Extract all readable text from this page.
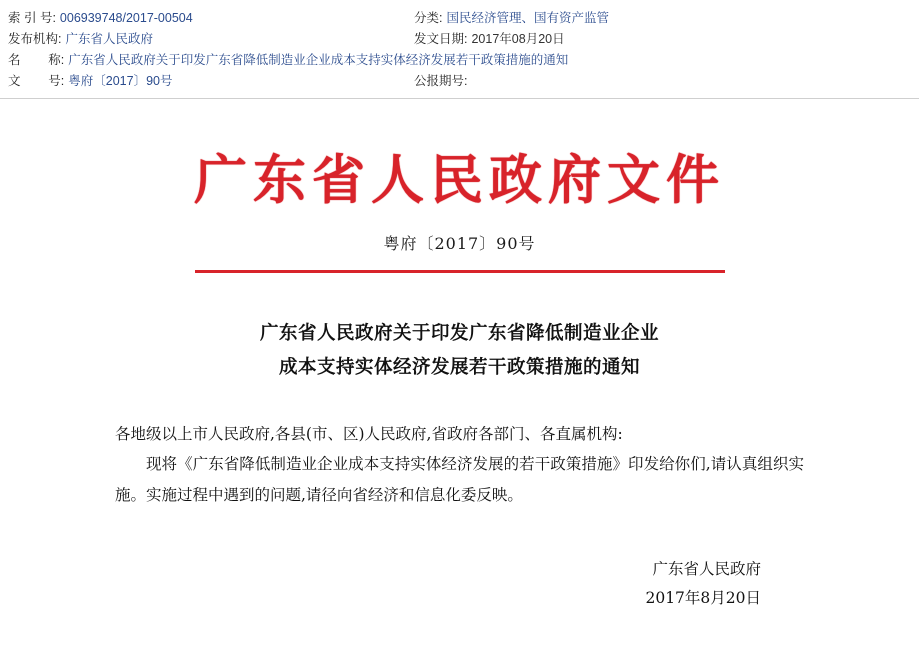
索 引 号: 006939748/2017-00504	分类: 国民经济管理、国有资产监管
发布机构: 广东省人民政府	发文日期: 2017年08月20日
名        称: 广东省人民政府关于印发广东省降低制造业企业成本支持实体经济发展若干政策措施的通知
文        号: 粤府〔2017〕90号	公报期号:
广东省人民政府文件
粤府〔2017〕90号
广东省人民政府关于印发广东省降低制造业企业
成本支持实体经济发展若干政策措施的通知
各地级以上市人民政府,各县(市、区)人民政府,省政府各部门、各直属机构:
现将《广东省降低制造业企业成本支持实体经济发展的若干政策措施》印发给你们,请认真组织实施。实施过程中遇到的问题,请径向省经济和信息化委反映。
广东省人民政府
2017年8月20日
